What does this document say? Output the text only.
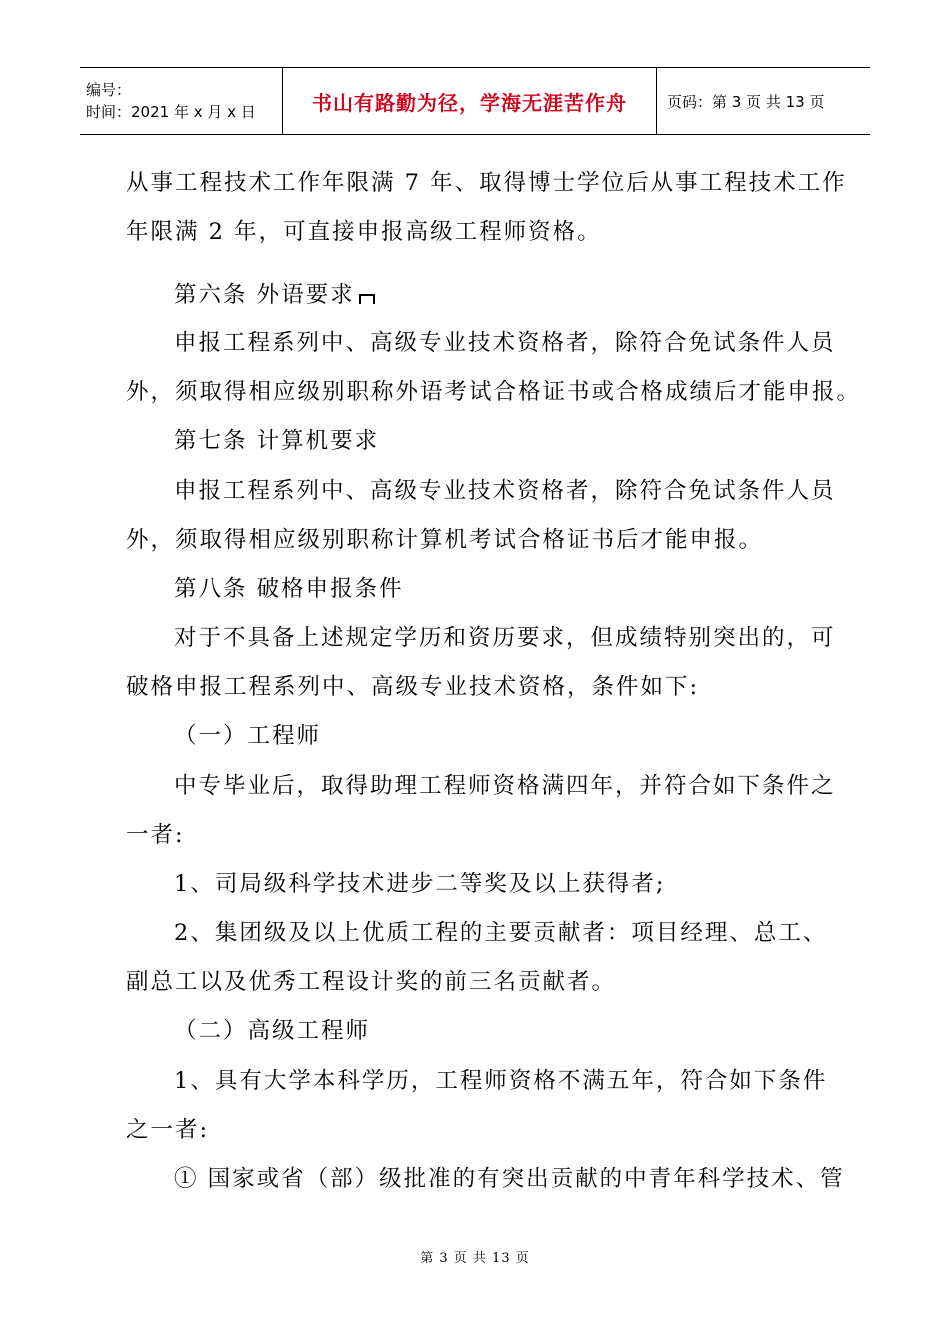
编号：
时间：2021 年 x 月 x 日	书山有路勤为径，学海无涯苦作舟	页码：第 3 页 共 13 页
从事工程技术工作年限满 7 年、取得博士学位后从事工程技术工作
年限满 2 年，可直接申报高级工程师资格。
第六条 外语要求
申报工程系列中、高级专业技术资格者，除符合免试条件人员
外，须取得相应级别职称外语考试合格证书或合格成绩后才能申报。
第七条 计算机要求
申报工程系列中、高级专业技术资格者，除符合免试条件人员
外，须取得相应级别职称计算机考试合格证书后才能申报。
第八条 破格申报条件
对于不具备上述规定学历和资历要求，但成绩特别突出的，可
破格申报工程系列中、高级专业技术资格，条件如下:
（一）工程师
中专毕业后，取得助理工程师资格满四年，并符合如下条件之
一者:
1、司局级科学技术进步二等奖及以上获得者;
2、集团级及以上优质工程的主要贡献者：项目经理、总工、
副总工以及优秀工程设计奖的前三名贡献者。
（二）高级工程师
1、具有大学本科学历，工程师资格不满五年，符合如下条件
之一者:
① 国家或省（部）级批准的有突出贡献的中青年科学技术、管
第 3 页 共 13 页
